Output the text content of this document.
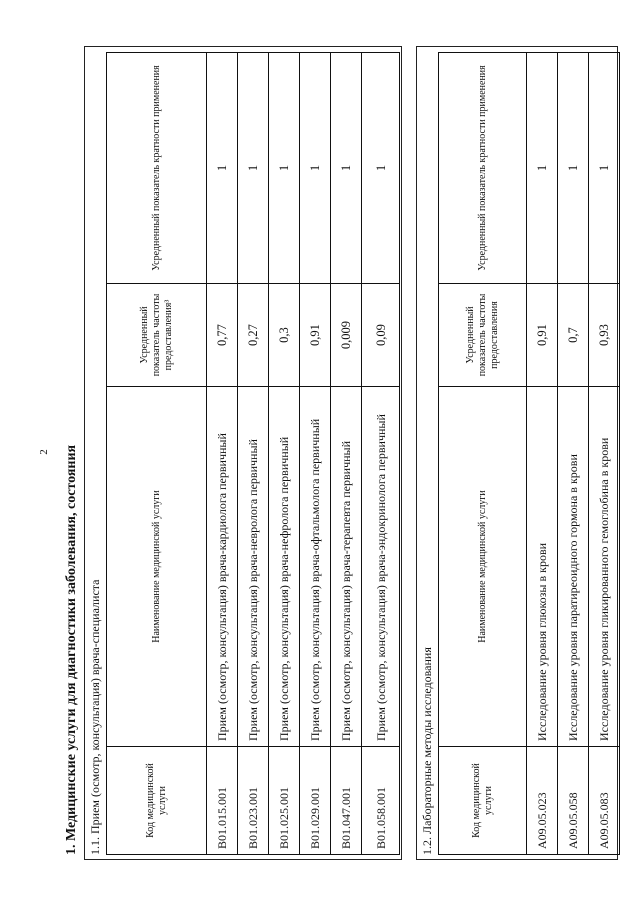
2 1. Медицинские услуги для диагностики заболевания, состояния 1.1. Прием (осмотр, консультация) врача-специалиста	Код медицинской услуги	Наименование медицинской услуги	Усредненный показатель частоты предоставления³	Усредненный показатель кратности применения
B01.015.001	Прием (осмотр, консультация) врача-кардиолога первичный	0,77	1
B01.023.001	Прием (осмотр, консультация) врача-невролога первичный	0,27	1
B01.025.001	Прием (осмотр, консультация) врача-нефролога первичный	0,3	1
B01.029.001	Прием (осмотр, консультация) врача-офтальмолога первичный	0,91	1
B01.047.001	Прием (осмотр, консультация) врача-терапевта первичный	0,009	1
B01.058.001	Прием (осмотр, консультация) врача-эндокринолога первичный	0,09	1
1.2. Лабораторные методы исследования	Код медицинской услуги	Наименование медицинской услуги	Усредненный показатель частоты предоставления	Усредненный показатель кратности применения
A09.05.023	Исследование уровня глюкозы в крови	0,91	1
A09.05.058	Исследование уровня паратиреоидного гормона в крови	0,7	1
A09.05.083	Исследование уровня гликированного гемоглобина в крови	0,93	1
